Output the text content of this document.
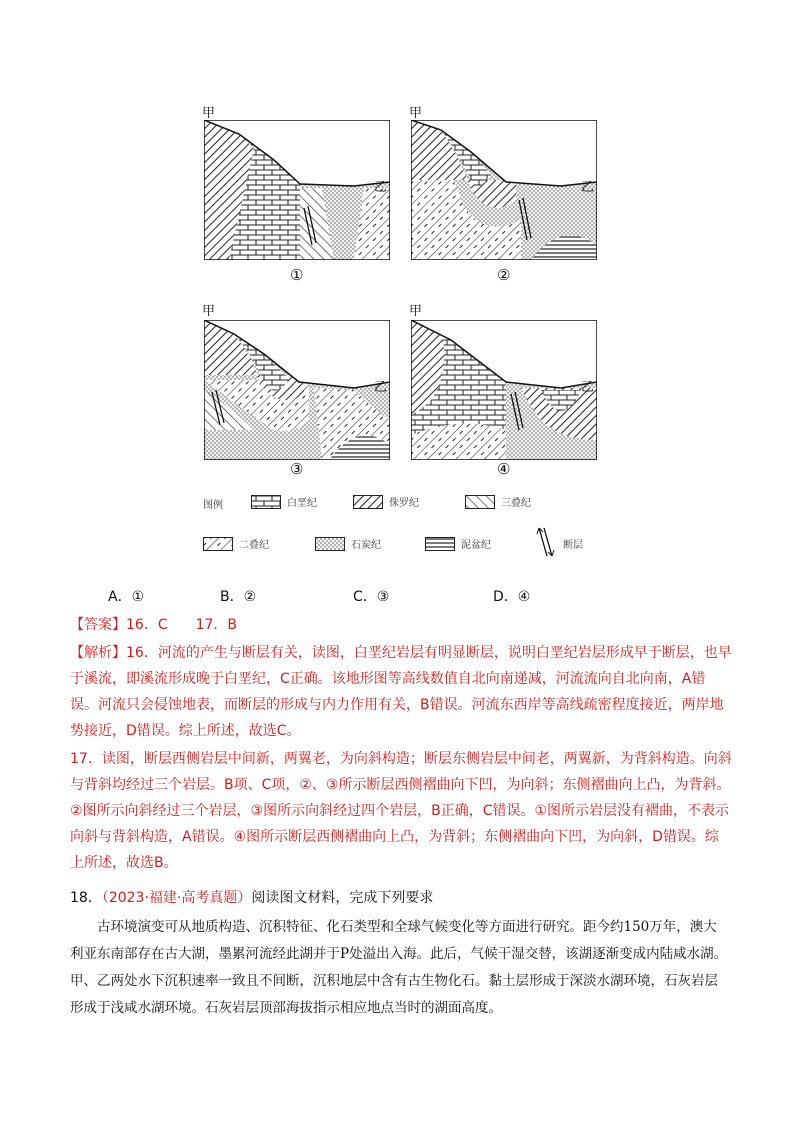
甲
乙
①
甲
乙
②
甲
乙
③
甲
乙
④
图例	白垩纪	侏罗纪	三叠纪
二叠纪	石炭纪	泥盆纪	断层
A．①	B．②	C．③	D．④
【答案】16．C　　17．B
【解析】16．河流的产生与断层有关，读图，白垩纪岩层有明显断层，说明白垩纪岩层形成早于断层，也早于溪流，即溪流形成晚于白垩纪，C正确。该地形图等高线数值自北向南递减，河流流向自北向南，A错误。河流只会侵蚀地表，而断层的形成与内力作用有关，B错误。河流东西岸等高线疏密程度接近，两岸地势接近，D错误。综上所述，故选C。
17．读图，断层西侧岩层中间新，两翼老，为向斜构造；断层东侧岩层中间老，两翼新，为背斜构造。向斜与背斜均经过三个岩层。B项、C项，②、③所示断层西侧褶曲向下凹，为向斜；东侧褶曲向上凸，为背斜。②图所示向斜经过三个岩层，③图所示向斜经过四个岩层，B正确，C错误。①图所示岩层没有褶曲，不表示向斜与背斜构造，A错误。④图所示断层西侧褶曲向上凸，为背斜；东侧褶曲向下凹，为向斜，D错误。综上所述，故选B。
18．（2023·福建·高考真题）阅读图文材料，完成下列要求
古环境演变可从地质构造、沉积特征、化石类型和全球气候变化等方面进行研究。距今约150万年，澳大利亚东南部存在古大湖，墨累河流经此湖并于P处溢出入海。此后，气候干湿交替，该湖逐渐变成内陆咸水湖。甲、乙两处水下沉积速率一致且不间断，沉积地层中含有古生物化石。黏土层形成于深淡水湖环境，石灰岩层形成于浅咸水湖环境。石灰岩层顶部海拔指示相应地点当时的湖面高度。
